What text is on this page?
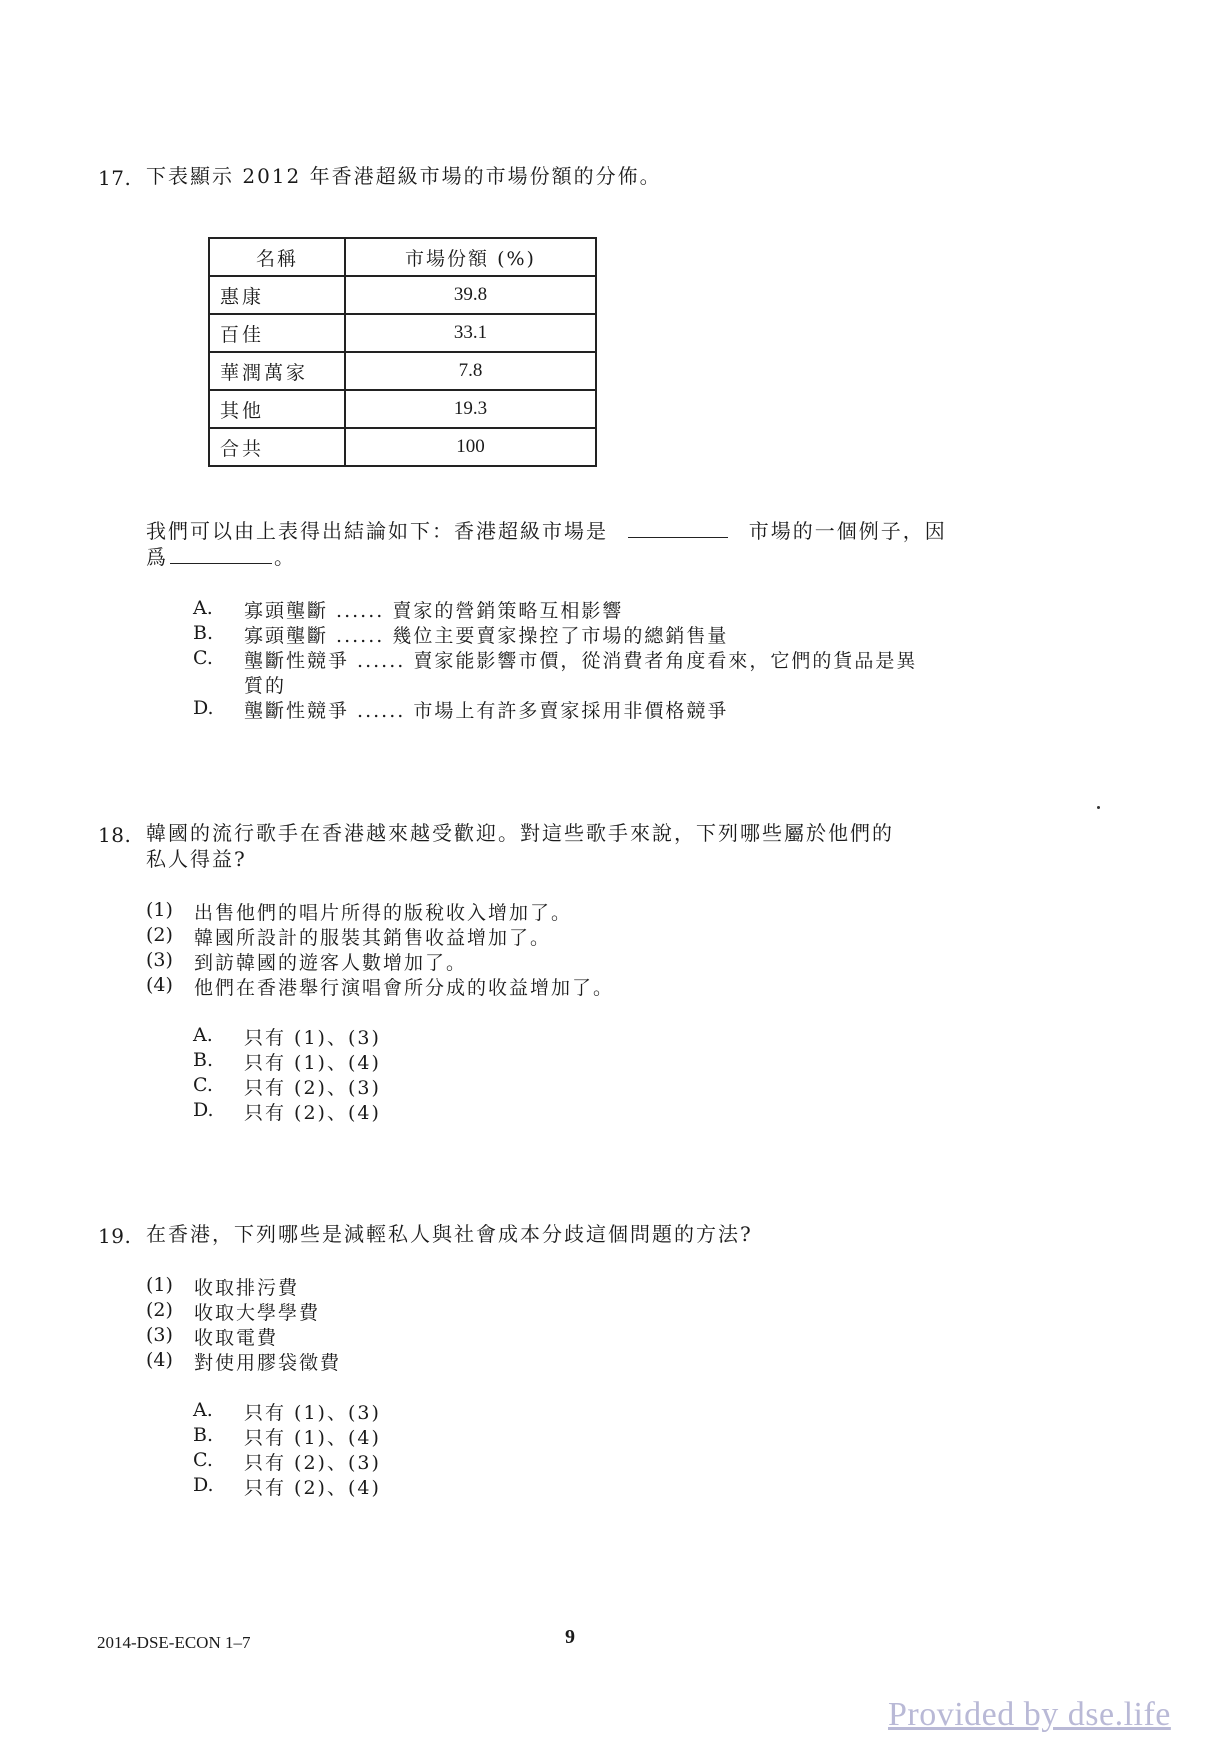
17. 下表顯示 2012 年香港超級市場的市場份額的分佈。
名稱	市場份額 (%)
惠康	39.8
百佳	33.1
華潤萬家	7.8
其他	19.3
合共	100
我們可以由上表得出結論如下：香港超級市場是	市場的一個例子，因
爲	。
A. 寡頭壟斷 ...... 賣家的營銷策略互相影響
B. 寡頭壟斷 ...... 幾位主要賣家操控了市場的總銷售量
C. 壟斷性競爭 ...... 賣家能影響市價，從消費者角度看來，它們的貨品是異
質的
D. 壟斷性競爭 ...... 市場上有許多賣家採用非價格競爭
18. 韓國的流行歌手在香港越來越受歡迎。對這些歌手來說，下列哪些屬於他們的
私人得益?
(1) 出售他們的唱片所得的版稅收入增加了。
(2) 韓國所設計的服裝其銷售收益增加了。
(3) 到訪韓國的遊客人數增加了。
(4) 他們在香港舉行演唱會所分成的收益增加了。
A. 只有 (1)、(3)
B. 只有 (1)、(4)
C. 只有 (2)、(3)
D. 只有 (2)、(4)
19. 在香港，下列哪些是減輕私人與社會成本分歧這個問題的方法?
(1) 收取排污費
(2) 收取大學學費
(3) 收取電費
(4) 對使用膠袋徵費
A. 只有 (1)、(3)
B. 只有 (1)、(4)
C. 只有 (2)、(3)
D. 只有 (2)、(4)
2014-DSE-ECON 1–7	9
Provided by dse.life
